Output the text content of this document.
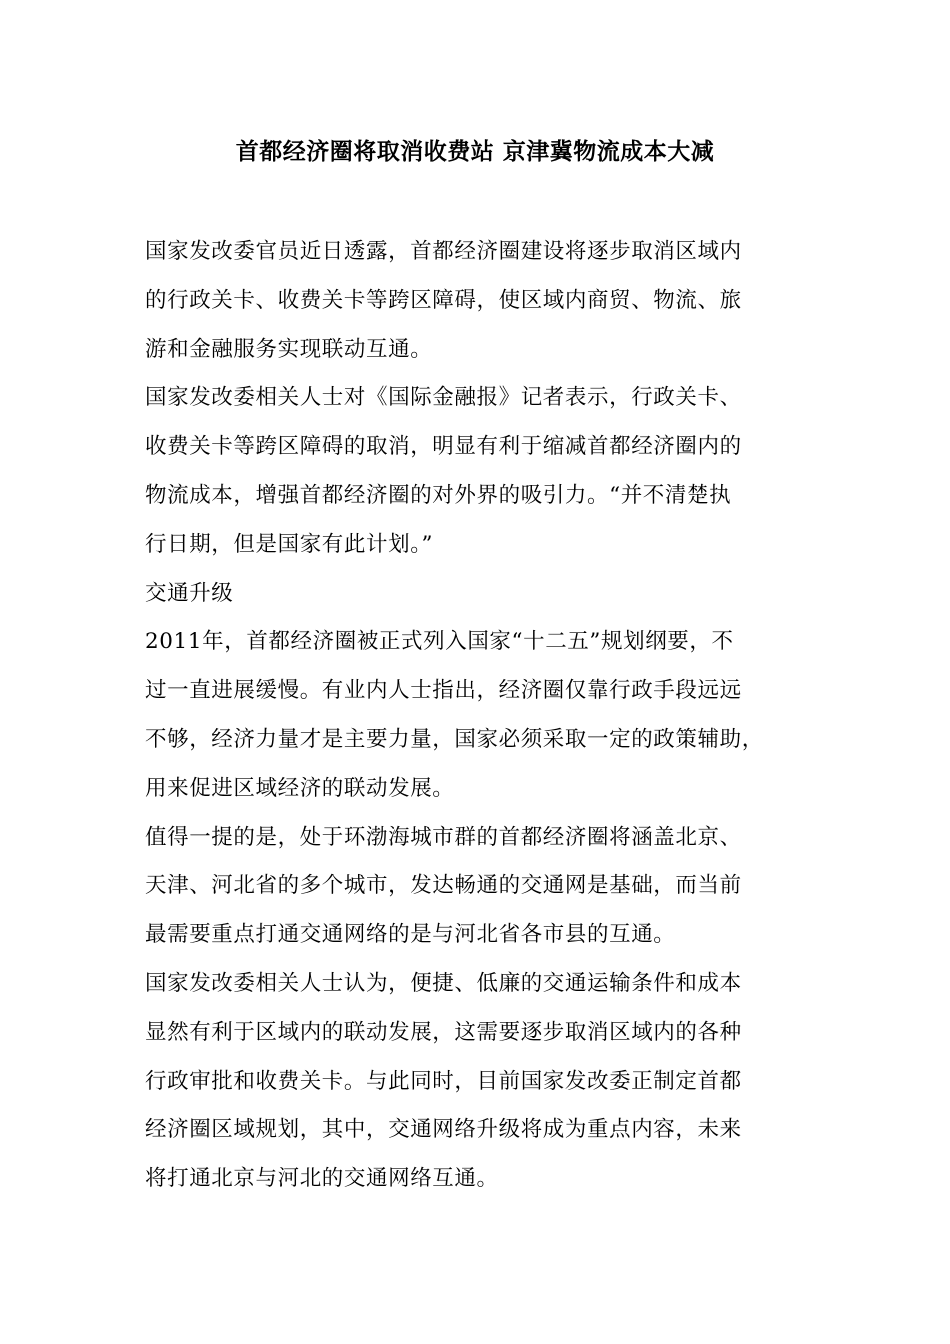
首都经济圈将取消收费站 京津冀物流成本大减
国家发改委官员近日透露，首都经济圈建设将逐步取消区域内
的行政关卡、收费关卡等跨区障碍，使区域内商贸、物流、旅
游和金融服务实现联动互通。
国家发改委相关人士对《国际金融报》记者表示，行政关卡、
收费关卡等跨区障碍的取消，明显有利于缩减首都经济圈内的
物流成本，增强首都经济圈的对外界的吸引力。“并不清楚执
行日期，但是国家有此计划。”
交通升级
2011年，首都经济圈被正式列入国家“十二五”规划纲要，不
过一直进展缓慢。有业内人士指出，经济圈仅靠行政手段远远
不够，经济力量才是主要力量，国家必须采取一定的政策辅助，
用来促进区域经济的联动发展。
值得一提的是，处于环渤海城市群的首都经济圈将涵盖北京、
天津、河北省的多个城市，发达畅通的交通网是基础，而当前
最需要重点打通交通网络的是与河北省各市县的互通。
国家发改委相关人士认为，便捷、低廉的交通运输条件和成本
显然有利于区域内的联动发展，这需要逐步取消区域内的各种
行政审批和收费关卡。与此同时，目前国家发改委正制定首都
经济圈区域规划，其中，交通网络升级将成为重点内容，未来
将打通北京与河北的交通网络互通。
